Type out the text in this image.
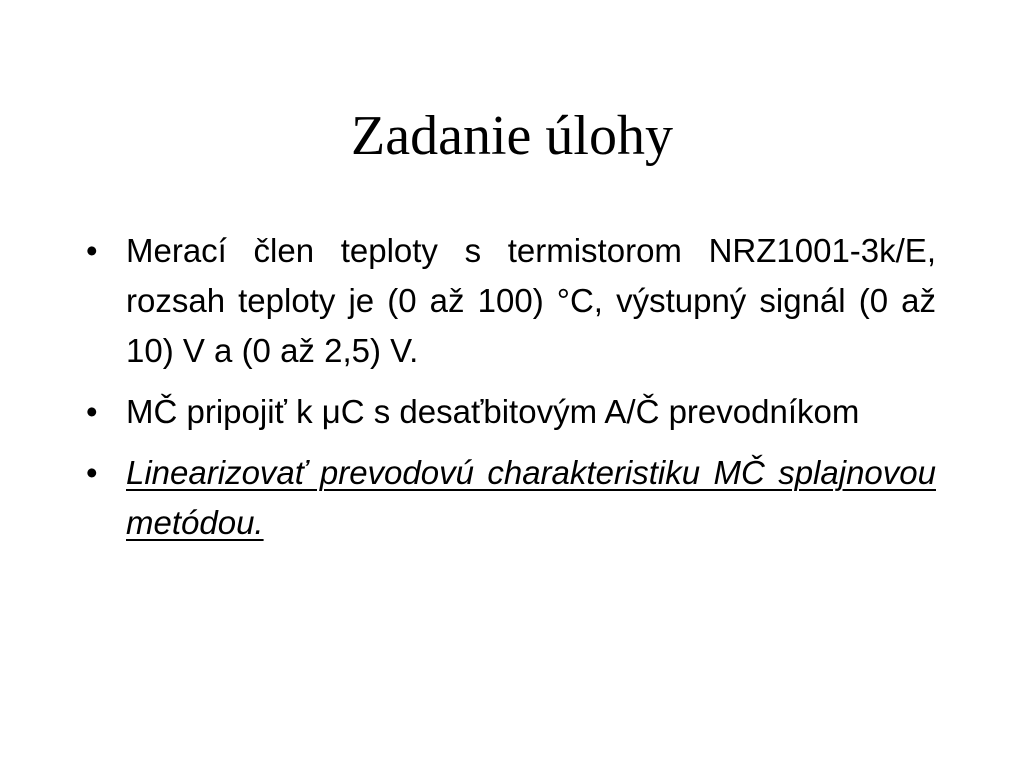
Zadanie úlohy
• Merací člen teploty s termistorom NRZ1001-3k/E, rozsah teploty je (0 až 100) °C, výstupný signál (0 až 10) V a (0 až 2,5) V.
• MČ pripojiť k μC s desaťbitovým A/Č prevodníkom
• Linearizovať prevodovú charakteristiku MČ splajnovou metódou.
